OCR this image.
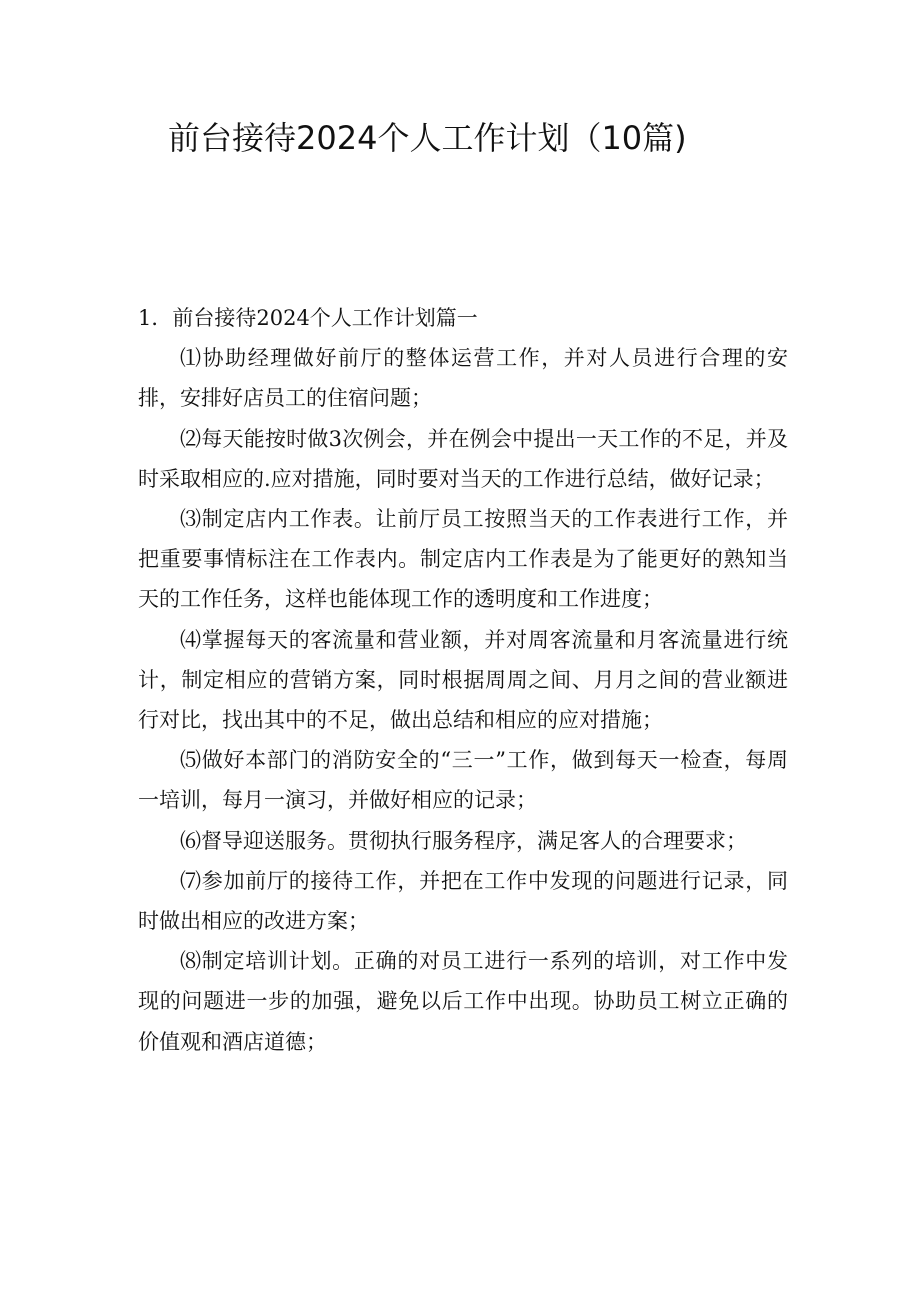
前台接待2024个人工作计划（10篇)

1．前台接待2024个人工作计划篇一

⑴协助经理做好前厅的整体运营工作，并对人员进行合理的安排，安排好店员工的住宿问题；

⑵每天能按时做3次例会，并在例会中提出一天工作的不足，并及时采取相应的.应对措施，同时要对当天的工作进行总结，做好记录；

⑶制定店内工作表。让前厅员工按照当天的工作表进行工作，并把重要事情标注在工作表内。制定店内工作表是为了能更好的熟知当天的工作任务，这样也能体现工作的透明度和工作进度；

⑷掌握每天的客流量和营业额，并对周客流量和月客流量进行统计，制定相应的营销方案，同时根据周周之间、月月之间的营业额进行对比，找出其中的不足，做出总结和相应的应对措施；

⑸做好本部门的消防安全的“三一”工作，做到每天一检查，每周一培训，每月一演习，并做好相应的记录；

⑹督导迎送服务。贯彻执行服务程序，满足客人的合理要求；

⑺参加前厅的接待工作，并把在工作中发现的问题进行记录，同时做出相应的改进方案；

⑻制定培训计划。正确的对员工进行一系列的培训，对工作中发现的问题进一步的加强，避免以后工作中出现。协助员工树立正确的价值观和酒店道德；
